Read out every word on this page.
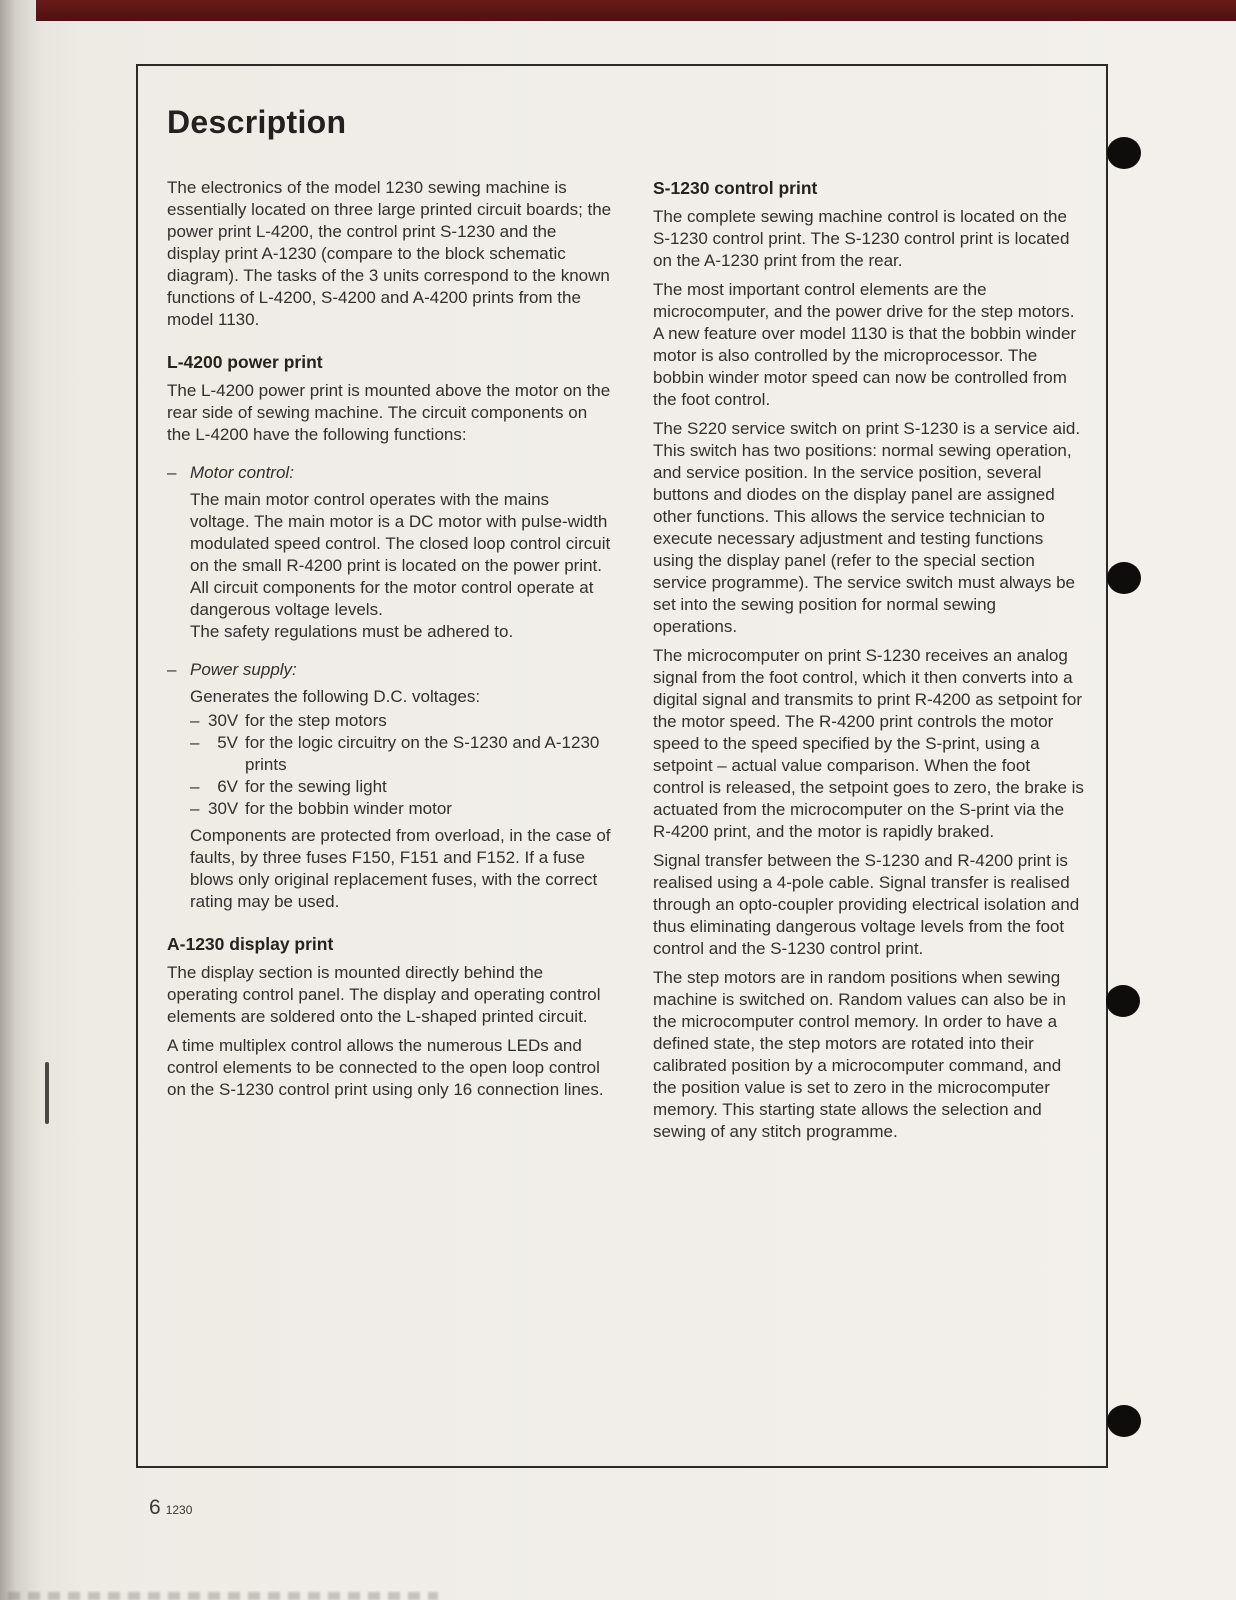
Description

The electronics of the model 1230 sewing machine is essentially located on three large printed circuit boards; the power print L-4200, the control print S-1230 and the display print A-1230 (compare to the block schematic diagram). The tasks of the 3 units correspond to the known functions of L-4200, S-4200 and A-4200 prints from the model 1130.

L-4200 power print

The L-4200 power print is mounted above the motor on the rear side of sewing machine. The circuit components on the L-4200 have the following functions:

– Motor control:

The main motor control operates with the mains voltage. The main motor is a DC motor with pulse-width modulated speed control. The closed loop control circuit on the small R-4200 print is located on the power print.

All circuit components for the motor control operate at dangerous voltage levels.

The safety regulations must be adhered to.

– Power supply:

Generates the following D.C. voltages:

– 30V for the step motors
–	5V for the logic circuitry on the S-1230 and A-1230 prints
–	6V for the sewing light
– 30V for the bobbin winder motor

Components are protected from overload, in the case of faults, by three fuses F150, F151 and F152. If a fuse blows only original replacement fuses, with the correct rating may be used.

A-1230 display print

The display section is mounted directly behind the operating control panel. The display and operating control elements are soldered onto the L-shaped printed circuit.

A time multiplex control allows the numerous LEDs and control elements to be connected to the open loop control on the S-1230 control print using only 16 connection lines.

S-1230 control print

The complete sewing machine control is located on the S-1230 control print. The S-1230 control print is located on the A-1230 print from the rear.

The most important control elements are the microcomputer, and the power drive for the step motors. A new feature over model 1130 is that the bobbin winder motor is also controlled by the microprocessor. The bobbin winder motor speed can now be controlled from the foot control.

The S220 service switch on print S-1230 is a service aid. This switch has two positions: normal sewing operation, and service position. In the service position, several buttons and diodes on the display panel are assigned other functions. This allows the service technician to execute necessary adjustment and testing functions using the display panel (refer to the special section service programme). The service switch must always be set into the sewing position for normal sewing operations.

The microcomputer on print S-1230 receives an analog signal from the foot control, which it then converts into a digital signal and transmits to print R-4200 as setpoint for the motor speed. The R-4200 print controls the motor speed to the speed specified by the S-print, using a setpoint – actual value comparison. When the foot control is released, the setpoint goes to zero, the brake is actuated from the microcomputer on the S-print via the R-4200 print, and the motor is rapidly braked.

Signal transfer between the S-1230 and R-4200 print is realised using a 4-pole cable. Signal transfer is realised through an opto-coupler providing electrical isolation and thus eliminating dangerous voltage levels from the foot control and the S-1230 control print.

The step motors are in random positions when sewing machine is switched on. Random values can also be in the microcomputer control memory. In order to have a defined state, the step motors are rotated into their calibrated position by a microcomputer command, and the position value is set to zero in the microcomputer memory. This starting state allows the selection and sewing of any stitch programme.

6 1230
